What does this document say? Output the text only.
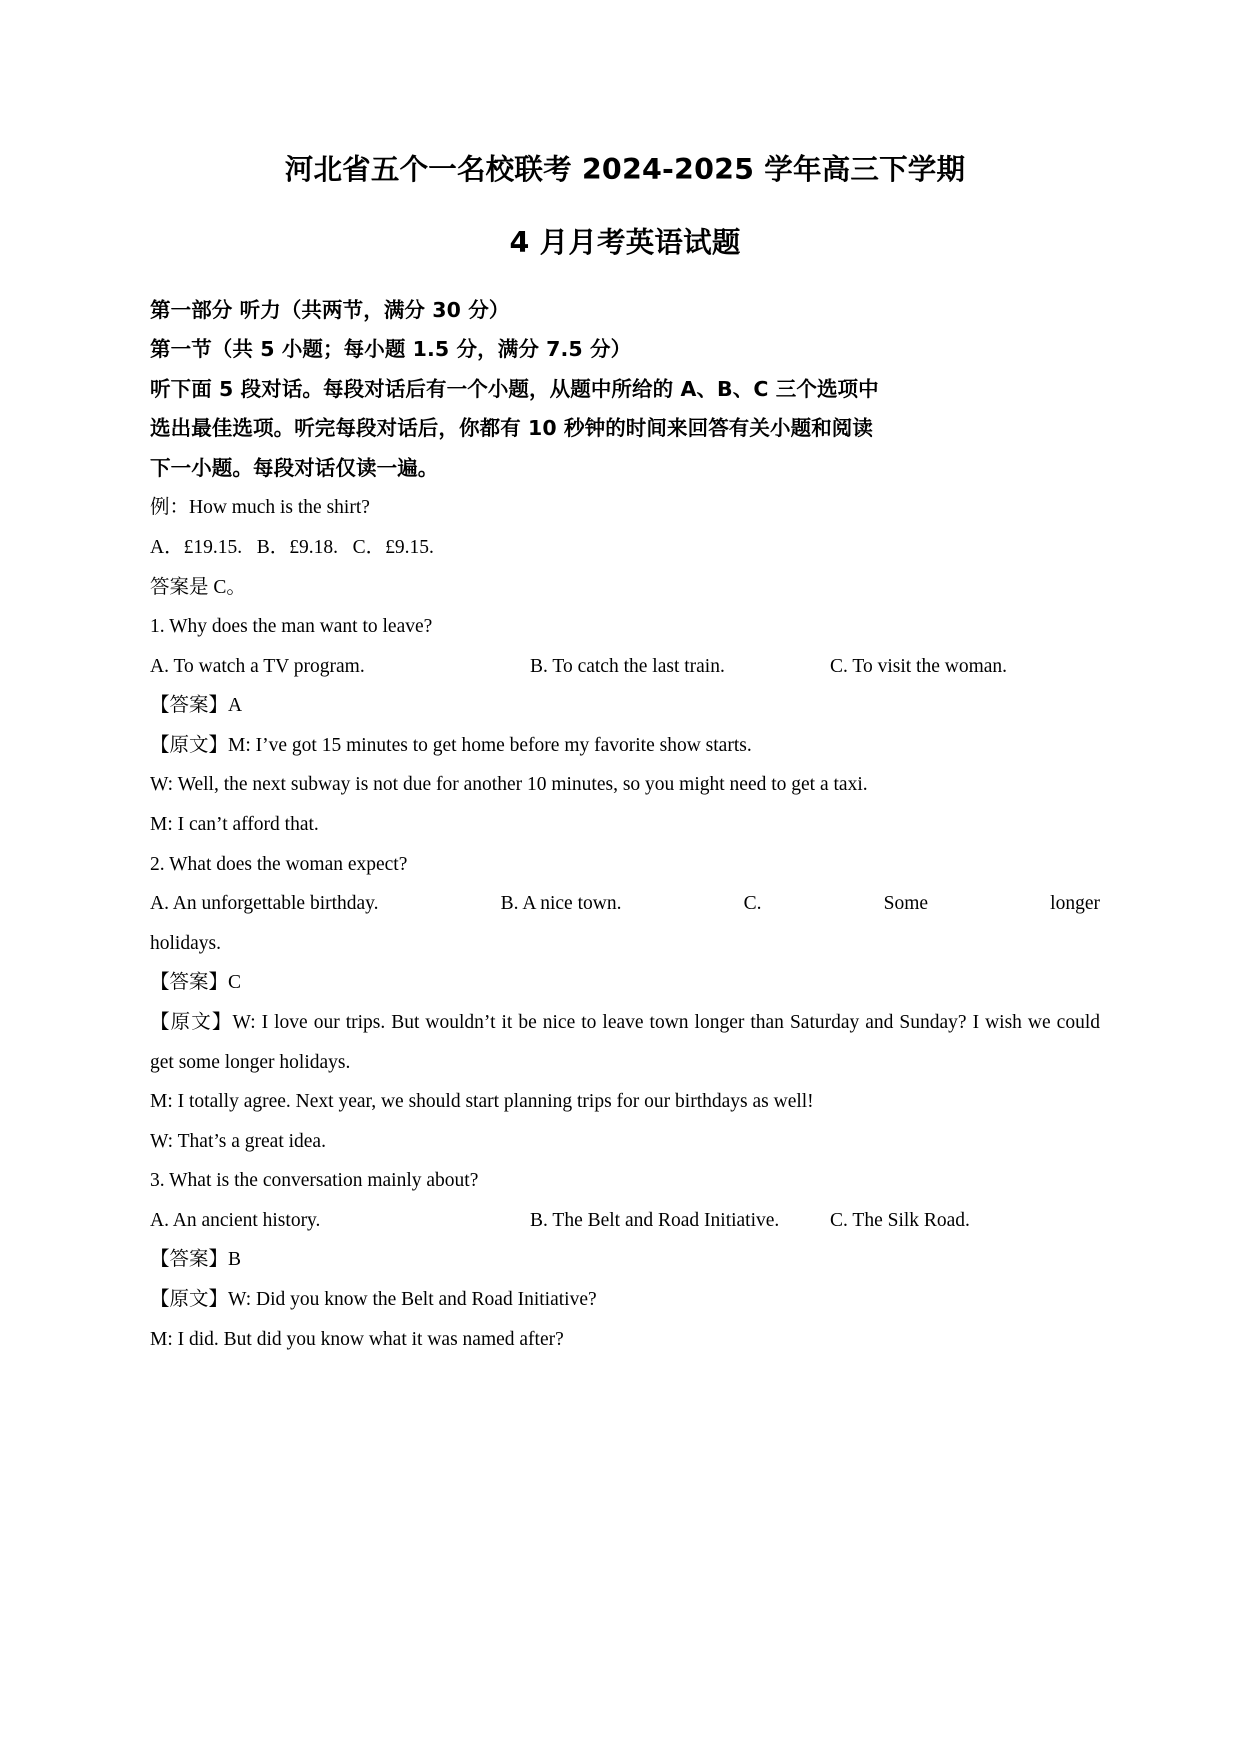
河北省五个一名校联考 2024-2025 学年高三下学期
4 月月考英语试题

第一部分 听力（共两节，满分 30 分）

第一节（共 5 小题；每小题 1.5 分，满分 7.5 分）

听下面 5 段对话。每段对话后有一个小题，从题中所给的 A、B、C 三个选项中

选出最佳选项。听完每段对话后，你都有 10 秒钟的时间来回答有关小题和阅读

下一小题。每段对话仅读一遍。

例：How much is the shirt?

A．£19.15.   B．£9.18.   C．£9.15.

答案是 C。

1. Why does the man want to leave?

A. To watch a TV program.	B. To catch the last train.	C. To visit the woman.

【答案】A

【原文】M: I’ve got 15 minutes to get home before my favorite show starts.

W: Well, the next subway is not due for another 10 minutes, so you might need to get a taxi.

M: I can’t afford that.

2. What does the woman expect?

A. An unforgettable birthday.	B. A nice town.	C.	Some	longer

holidays.

【答案】C

【原文】W: I love our trips. But wouldn’t it be nice to leave town longer than Saturday and Sunday? I wish we could get some longer holidays.

M: I totally agree. Next year, we should start planning trips for our birthdays as well!

W: That’s a great idea.

3. What is the conversation mainly about?

A. An ancient history.	B. The Belt and Road Initiative.	C. The Silk Road.

【答案】B

【原文】W: Did you know the Belt and Road Initiative?

M: I did. But did you know what it was named after?
